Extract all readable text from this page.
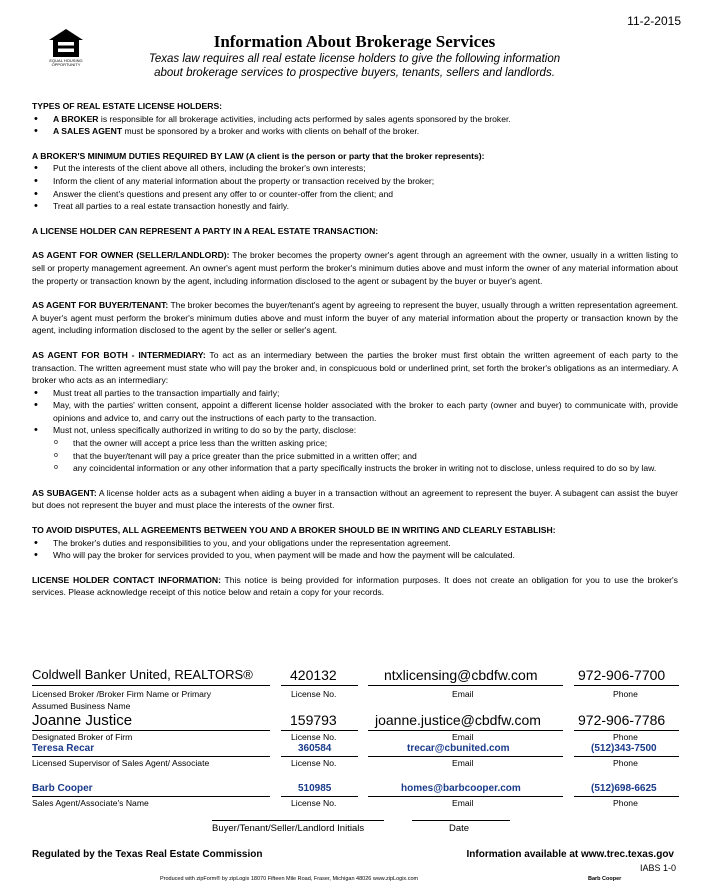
11-2-2015
EQUAL HOUSING OPPORTUNITY
Information About Brokerage Services
Texas law requires all real estate license holders to give the following information about brokerage services to prospective buyers, tenants, sellers and landlords.
TYPES OF REAL ESTATE LICENSE HOLDERS:
• A BROKER is responsible for all brokerage activities, including acts performed by sales agents sponsored by the broker.
• A SALES AGENT must be sponsored by a broker and works with clients on behalf of the broker.
A BROKER'S MINIMUM DUTIES REQUIRED BY LAW (A client is the person or party that the broker represents):
• Put the interests of the client above all others, including the broker's own interests;
• Inform the client of any material information about the property or transaction received by the broker;
• Answer the client's questions and present any offer to or counter-offer from the client; and
• Treat all parties to a real estate transaction honestly and fairly.
A LICENSE HOLDER CAN REPRESENT A PARTY IN A REAL ESTATE TRANSACTION:

AS AGENT FOR OWNER (SELLER/LANDLORD): The broker becomes the property owner's agent through an agreement with the owner, usually in a written listing to sell or property management agreement. An owner's agent must perform the broker's minimum duties above and must inform the owner of any material information about the property or transaction known by the agent, including information disclosed to the agent or subagent by the buyer or buyer's agent.

AS AGENT FOR BUYER/TENANT: The broker becomes the buyer/tenant's agent by agreeing to represent the buyer, usually through a written representation agreement. A buyer's agent must perform the broker's minimum duties above and must inform the buyer of any material information about the property or transaction known by the agent, including information disclosed to the agent by the seller or seller's agent.

AS AGENT FOR BOTH - INTERMEDIARY: To act as an intermediary between the parties the broker must first obtain the written agreement of each party to the transaction. The written agreement must state who will pay the broker and, in conspicuous bold or underlined print, set forth the broker's obligations as an intermediary. A broker who acts as an intermediary:

• Must treat all parties to the transaction impartially and fairly;
• May, with the parties' written consent, appoint a different license holder associated with the broker to each party (owner and buyer) to communicate with, provide opinions and advice to, and carry out the instructions of each party to the transaction.
• Must not, unless specifically authorized in writing to do so by the party, disclose:
o that the owner will accept a price less than the written asking price;
o that the buyer/tenant will pay a price greater than the price submitted in a written offer; and
o any coincidental information or any other information that a party specifically instructs the broker in writing not to disclose, unless required to do so by law.

AS SUBAGENT: A license holder acts as a subagent when aiding a buyer in a transaction without an agreement to represent the buyer. A subagent can assist the buyer but does not represent the buyer and must place the interests of the owner first.

TO AVOID DISPUTES, ALL AGREEMENTS BETWEEN YOU AND A BROKER SHOULD BE IN WRITING AND CLEARLY ESTABLISH:
• The broker's duties and responsibilities to you, and your obligations under the representation agreement.
• Who will pay the broker for services provided to you, when payment will be made and how the payment will be calculated.

LICENSE HOLDER CONTACT INFORMATION: This notice is being provided for information purposes. It does not create an obligation for you to use the broker's services. Please acknowledge receipt of this notice below and retain a copy for your records.

Coldwell Banker United, REALTORS®	420132	ntxlicensing@cbdfw.com	972-906-7700
Licensed Broker /Broker Firm Name or Primary Assumed Business Name
License No.	Email	Phone
Joanne Justice	159793	joanne.justice@cbdfw.com	972-906-7786
Designated Broker of Firm	License No.	Email	Phone
Teresa Recar	360584	trecar@cbunited.com	(512)343-7500
Licensed Supervisor of Sales Agent/ Associate	License No.	Email	Phone
Barb Cooper	510985	homes@barbcooper.com	(512)698-6625
Sales Agent/Associate's Name	License No.	Email	Phone
Buyer/Tenant/Seller/Landlord Initials	Date
Regulated by the Texas Real Estate Commission	Information available at www.trec.texas.gov
IABS 1-0
Produced with zipForm® by zipLogix 18070 Fifteen Mile Road, Fraser, Michigan 48026 www.zipLogix.com	Barb Cooper
